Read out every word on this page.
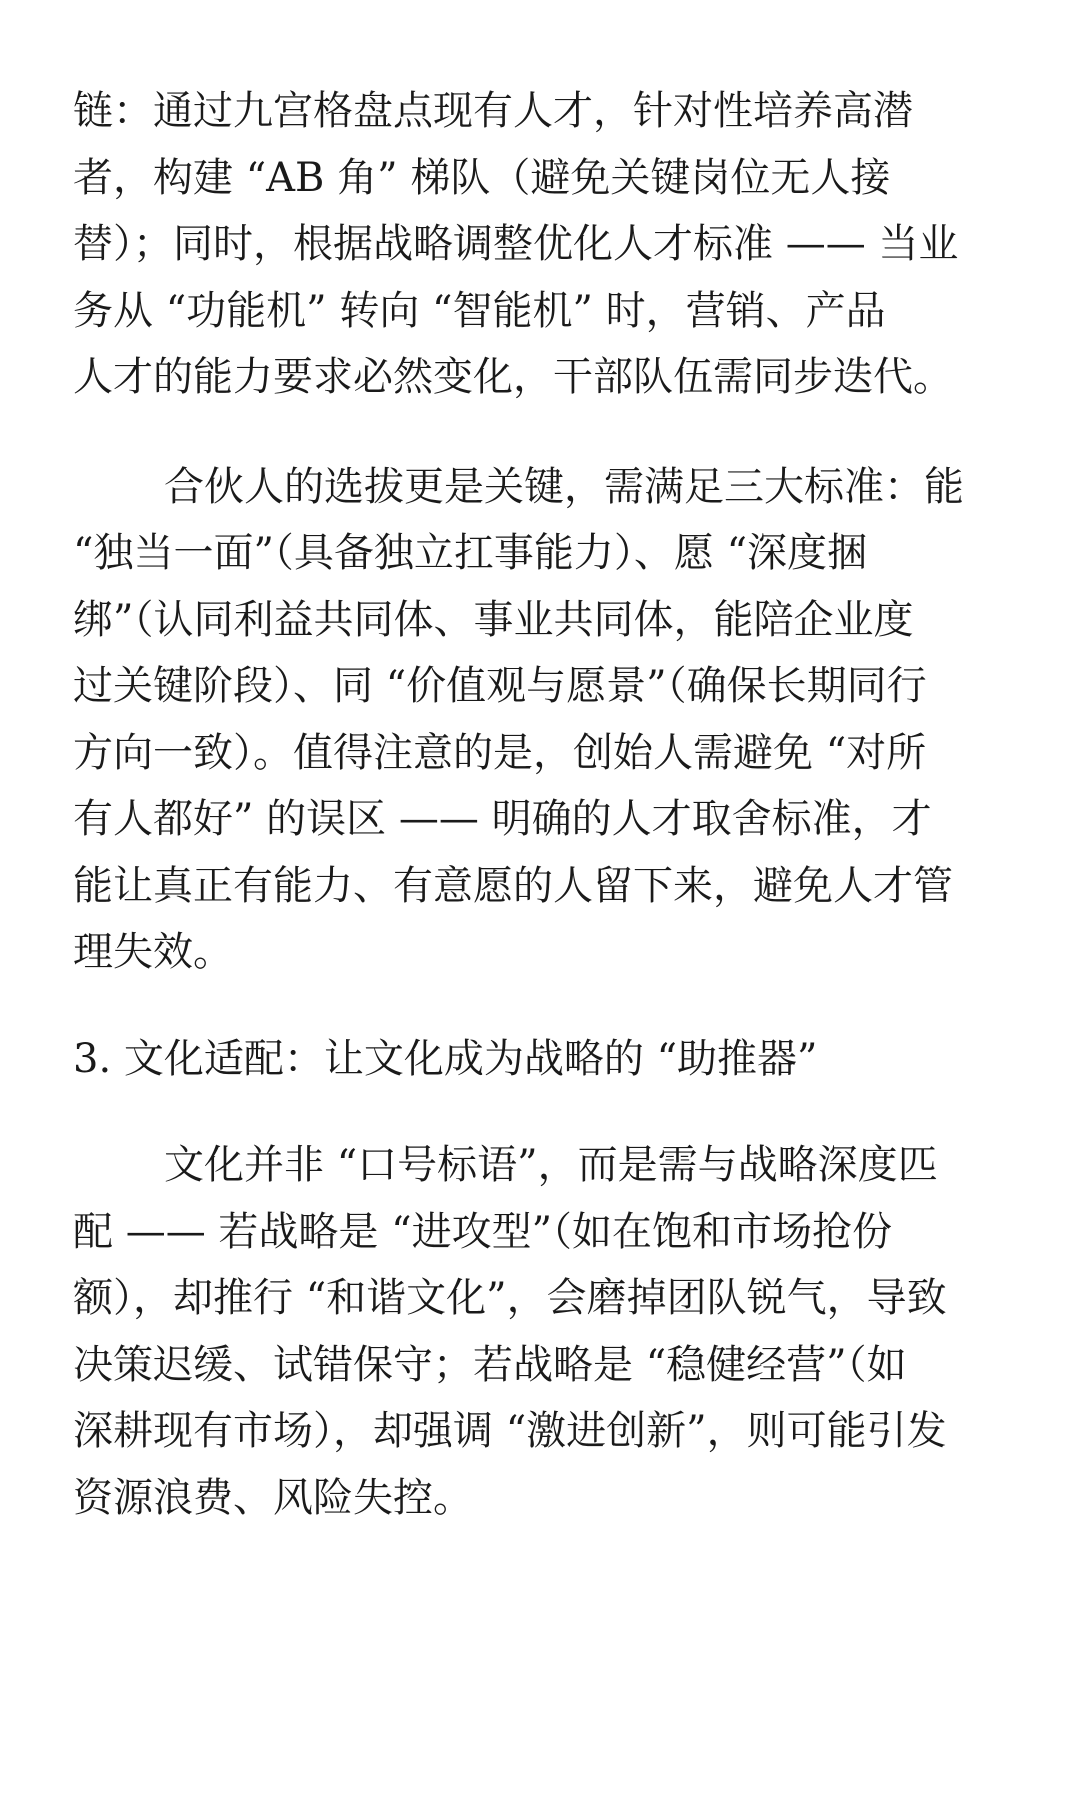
链：通过九宫格盘点现有人才，针对性培养高潜
者，构建 “AB 角” 梯队（避免关键岗位无人接
替）；同时，根据战略调整优化人才标准 —— 当业
务从 “功能机” 转向 “智能机” 时，营销、产品
人才的能力要求必然变化，干部队伍需同步迭代。
合伙人的选拔更是关键，需满足三大标准：能
“独当一面”（具备独立扛事能力）、愿 “深度捆
绑”（认同利益共同体、事业共同体，能陪企业度
过关键阶段）、同 “价值观与愿景”（确保长期同行
方向一致）。值得注意的是，创始人需避免 “对所
有人都好” 的误区 —— 明确的人才取舍标准，才
能让真正有能力、有意愿的人留下来，避免人才管
理失效。
3. 文化适配：让文化成为战略的 “助推器”
文化并非 “口号标语”，而是需与战略深度匹
配 —— 若战略是 “进攻型”（如在饱和市场抢份
额），却推行 “和谐文化”，会磨掉团队锐气，导致
决策迟缓、试错保守；若战略是 “稳健经营”（如
深耕现有市场），却强调 “激进创新”，则可能引发
资源浪费、风险失控。
